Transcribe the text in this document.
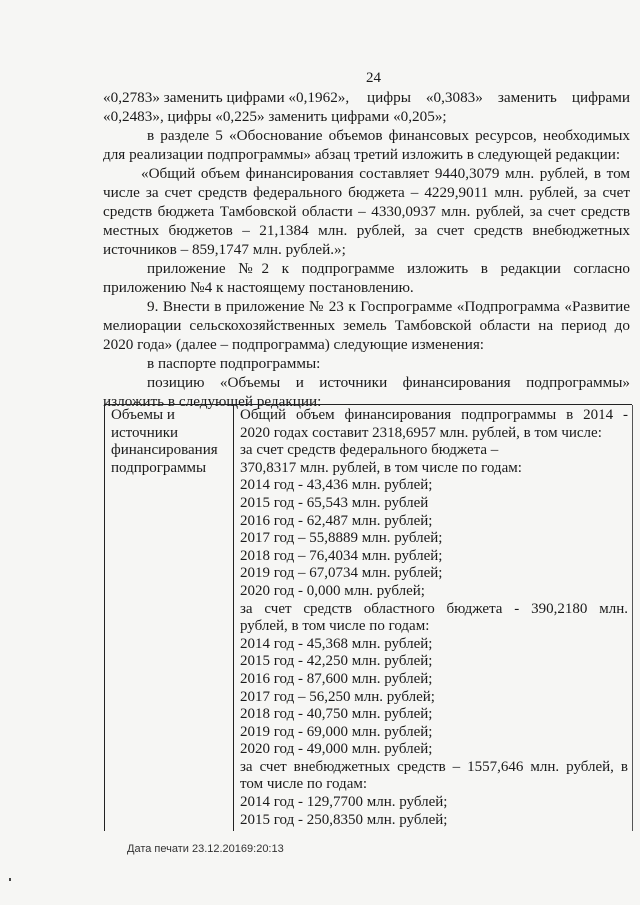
24
«0,2783» заменить цифрами «0,1962», цифры «0,3083» заменить цифрами
«0,2483», цифры «0,225» заменить цифрами «0,205»;
в разделе 5 «Обоснование объемов финансовых ресурсов, необходимых
для реализации подпрограммы» абзац третий изложить в следующей редакции:
«Общий объем финансирования составляет 9440,3079 млн. рублей, в том
числе за счет средств федерального бюджета – 4229,9011 млн. рублей, за счет
средств бюджета Тамбовской области – 4330,0937 млн. рублей, за счет средств
местных бюджетов – 21,1384 млн. рублей, за счет средств внебюджетных
источников – 859,1747 млн. рублей.»;
приложение №2 к подпрограмме изложить в редакции согласно
приложению №4 к настоящему постановлению.
9. Внести в приложение № 23 к Госпрограмме «Подпрограмма «Развитие
мелиорации сельскохозяйственных земель Тамбовской области на период до
2020 года» (далее – подпрограмма) следующие изменения:
в паспорте подпрограммы:
позицию «Объемы и источники финансирования подпрограммы»
изложить в следующей редакции:
Объемы и
источники
финансирования
подпрограммы
Общий объем финансирования подпрограммы в 2014 -
2020 годах составит 2318,6957 млн. рублей, в том числе:
за счет средств федерального бюджета –
370,8317 млн. рублей, в том числе по годам:
2014 год - 43,436 млн. рублей;
2015 год - 65,543 млн. рублей
2016 год - 62,487 млн. рублей;
2017 год – 55,8889 млн. рублей;
2018 год – 76,4034 млн. рублей;
2019 год – 67,0734 млн. рублей;
2020 год - 0,000 млн. рублей;
за счет средств областного бюджета - 390,2180 млн.
рублей, в том числе по годам:
2014 год - 45,368 млн. рублей;
2015 год - 42,250 млн. рублей;
2016 год - 87,600 млн. рублей;
2017 год – 56,250 млн. рублей;
2018 год - 40,750 млн. рублей;
2019 год - 69,000 млн. рублей;
2020 год - 49,000 млн. рублей;
за счет внебюджетных средств – 1557,646 млн. рублей, в
том числе по годам:
2014 год - 129,7700 млн. рублей;
2015 год - 250,8350 млн. рублей;
Дата печати 23.12.20169:20:13
